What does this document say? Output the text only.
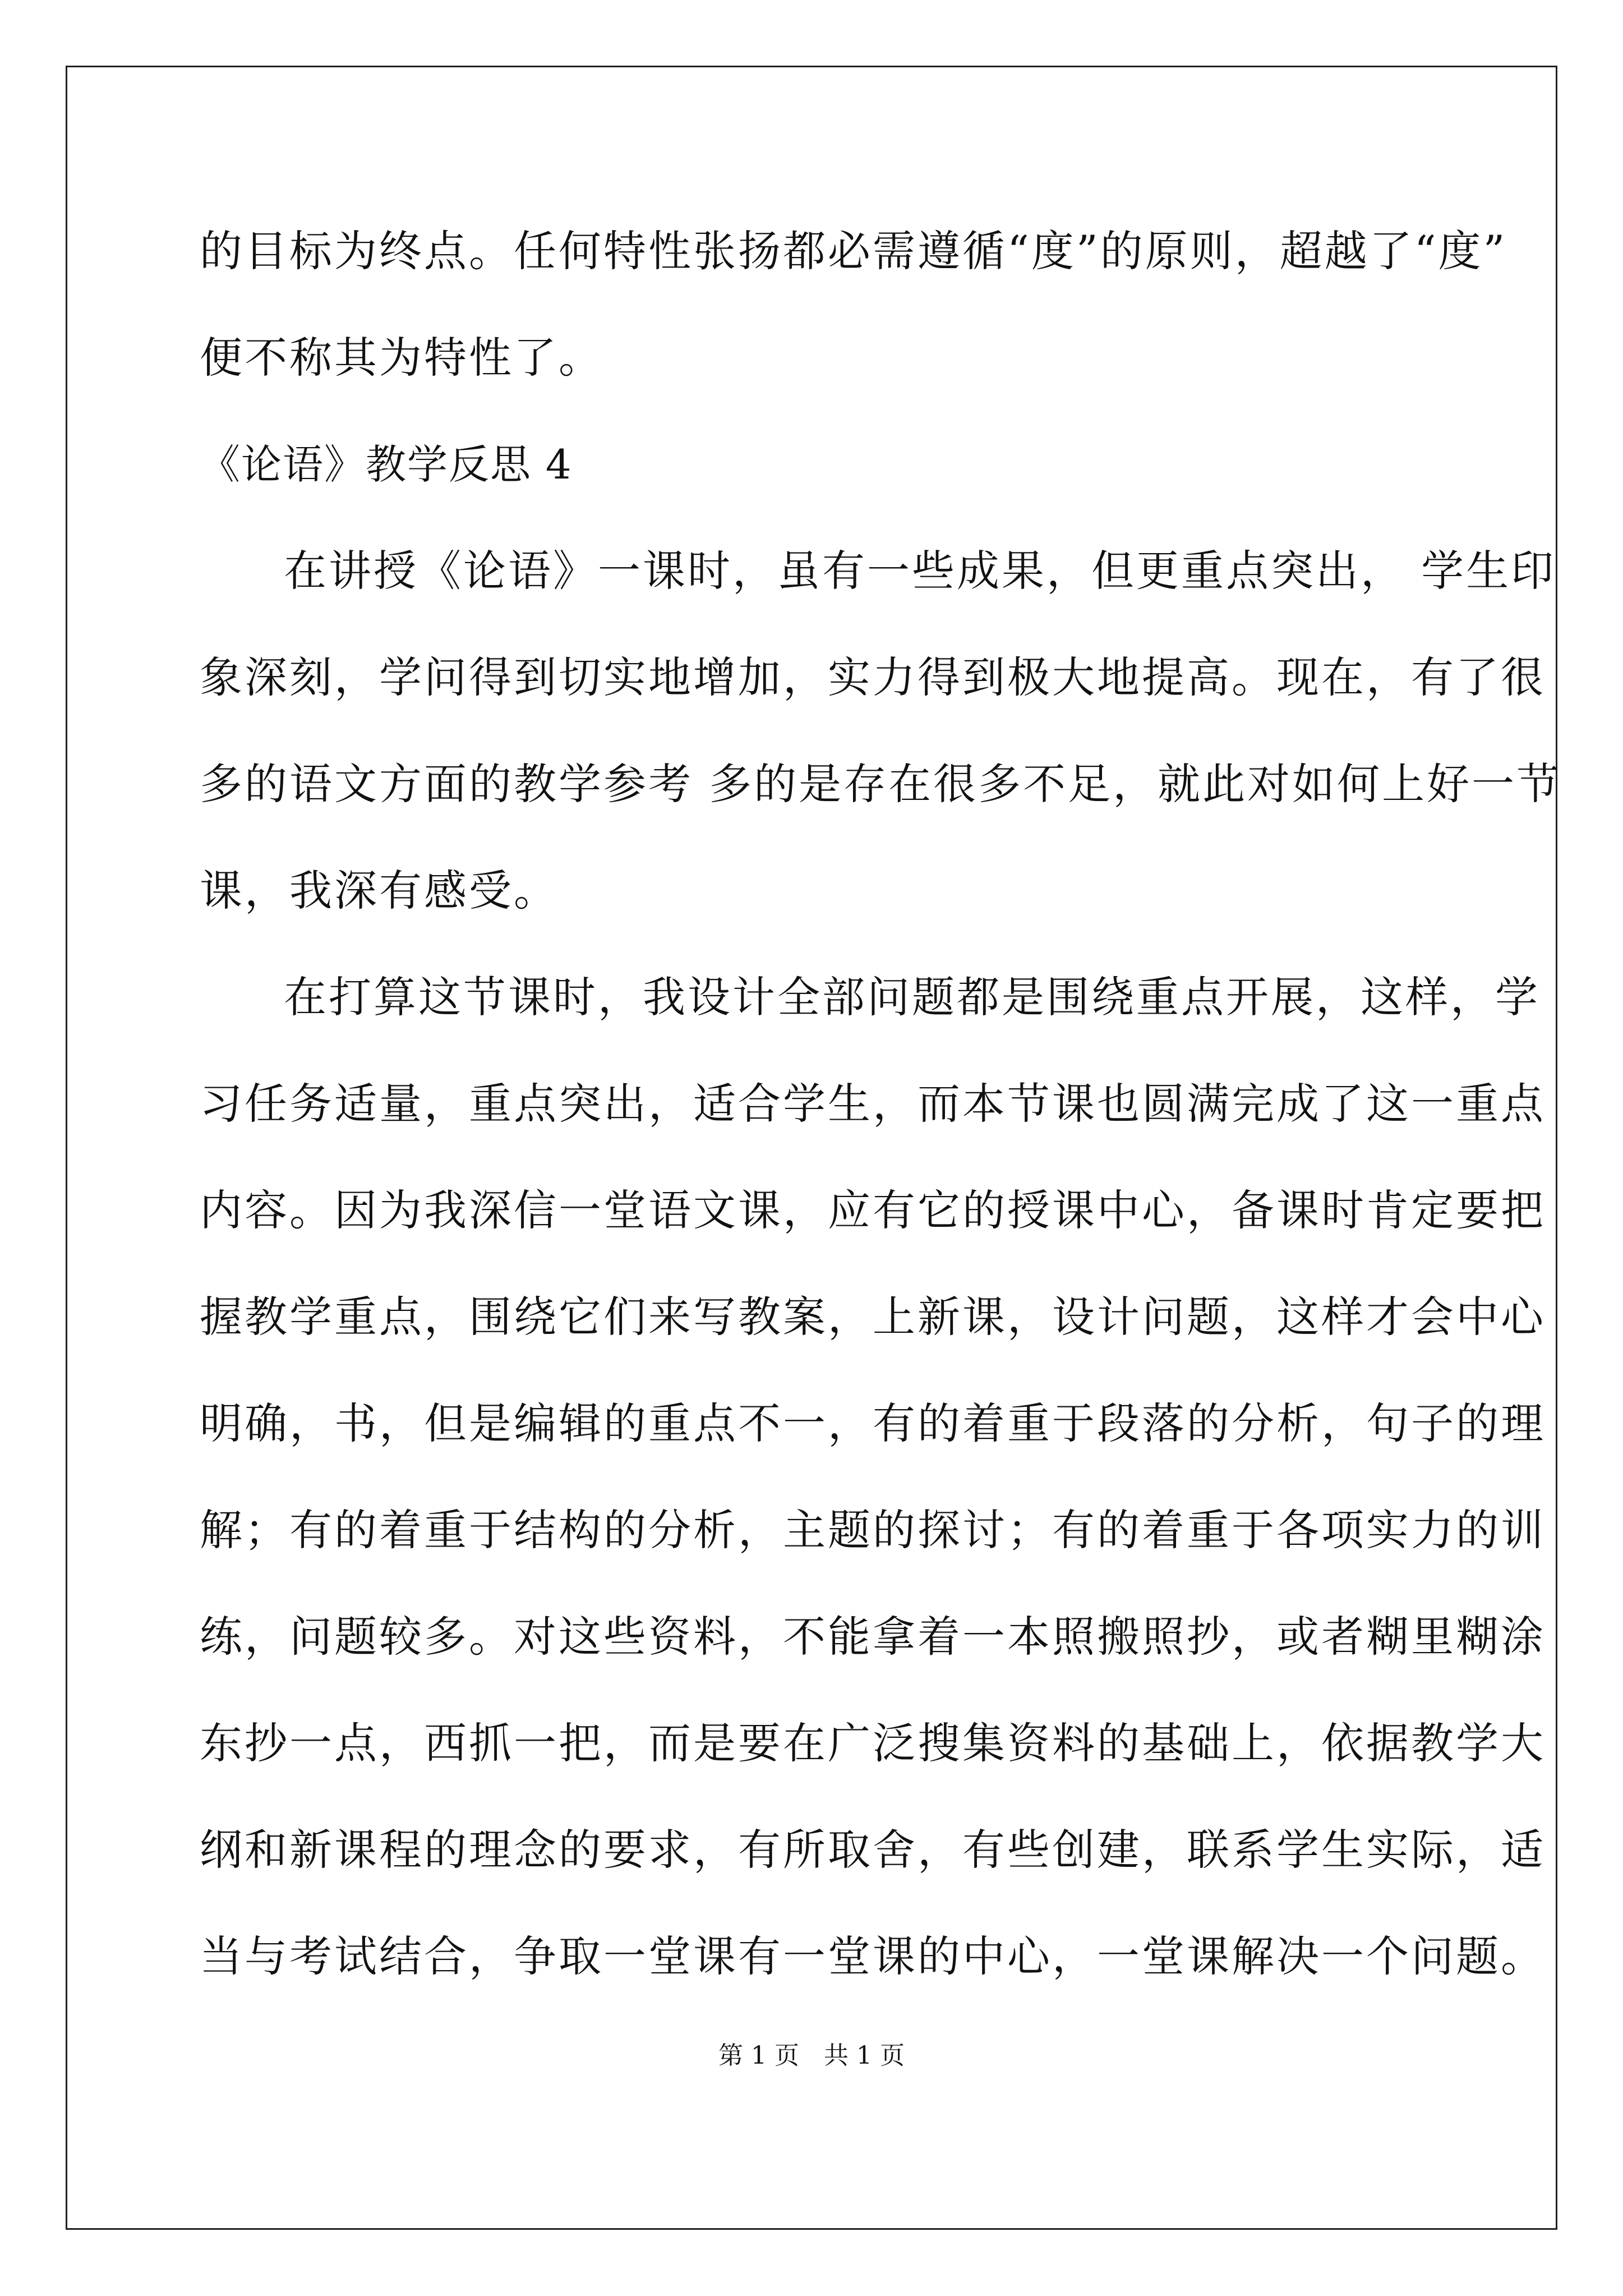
的目标为终点。任何特性张扬都必需遵循“度”的原则，超越了“度”
便不称其为特性了。
《论语》教学反思 4
在讲授《论语》一课时，虽有一些成果，但更重点突出， 学生印
象深刻，学问得到切实地增加，实力得到极大地提高。现在，有了很
多的语文方面的教学参考 多的是存在很多不足，就此对如何上好一节
课，我深有感受。
在打算这节课时，我设计全部问题都是围绕重点开展，这样，学
习任务适量，重点突出，适合学生，而本节课也圆满完成了这一重点
内容。因为我深信一堂语文课，应有它的授课中心，备课时肯定要把
握教学重点，围绕它们来写教案，上新课，设计问题，这样才会中心
明确，书，但是编辑的重点不一，有的着重于段落的分析，句子的理
解；有的着重于结构的分析，主题的探讨；有的着重于各项实力的训
练，问题较多。对这些资料，不能拿着一本照搬照抄，或者糊里糊涂
东抄一点，西抓一把，而是要在广泛搜集资料的基础上，依据教学大
纲和新课程的理念的要求，有所取舍，有些创建，联系学生实际，适
当与考试结合，争取一堂课有一堂课的中心，一堂课解决一个问题。
第 1 页　共 1 页
